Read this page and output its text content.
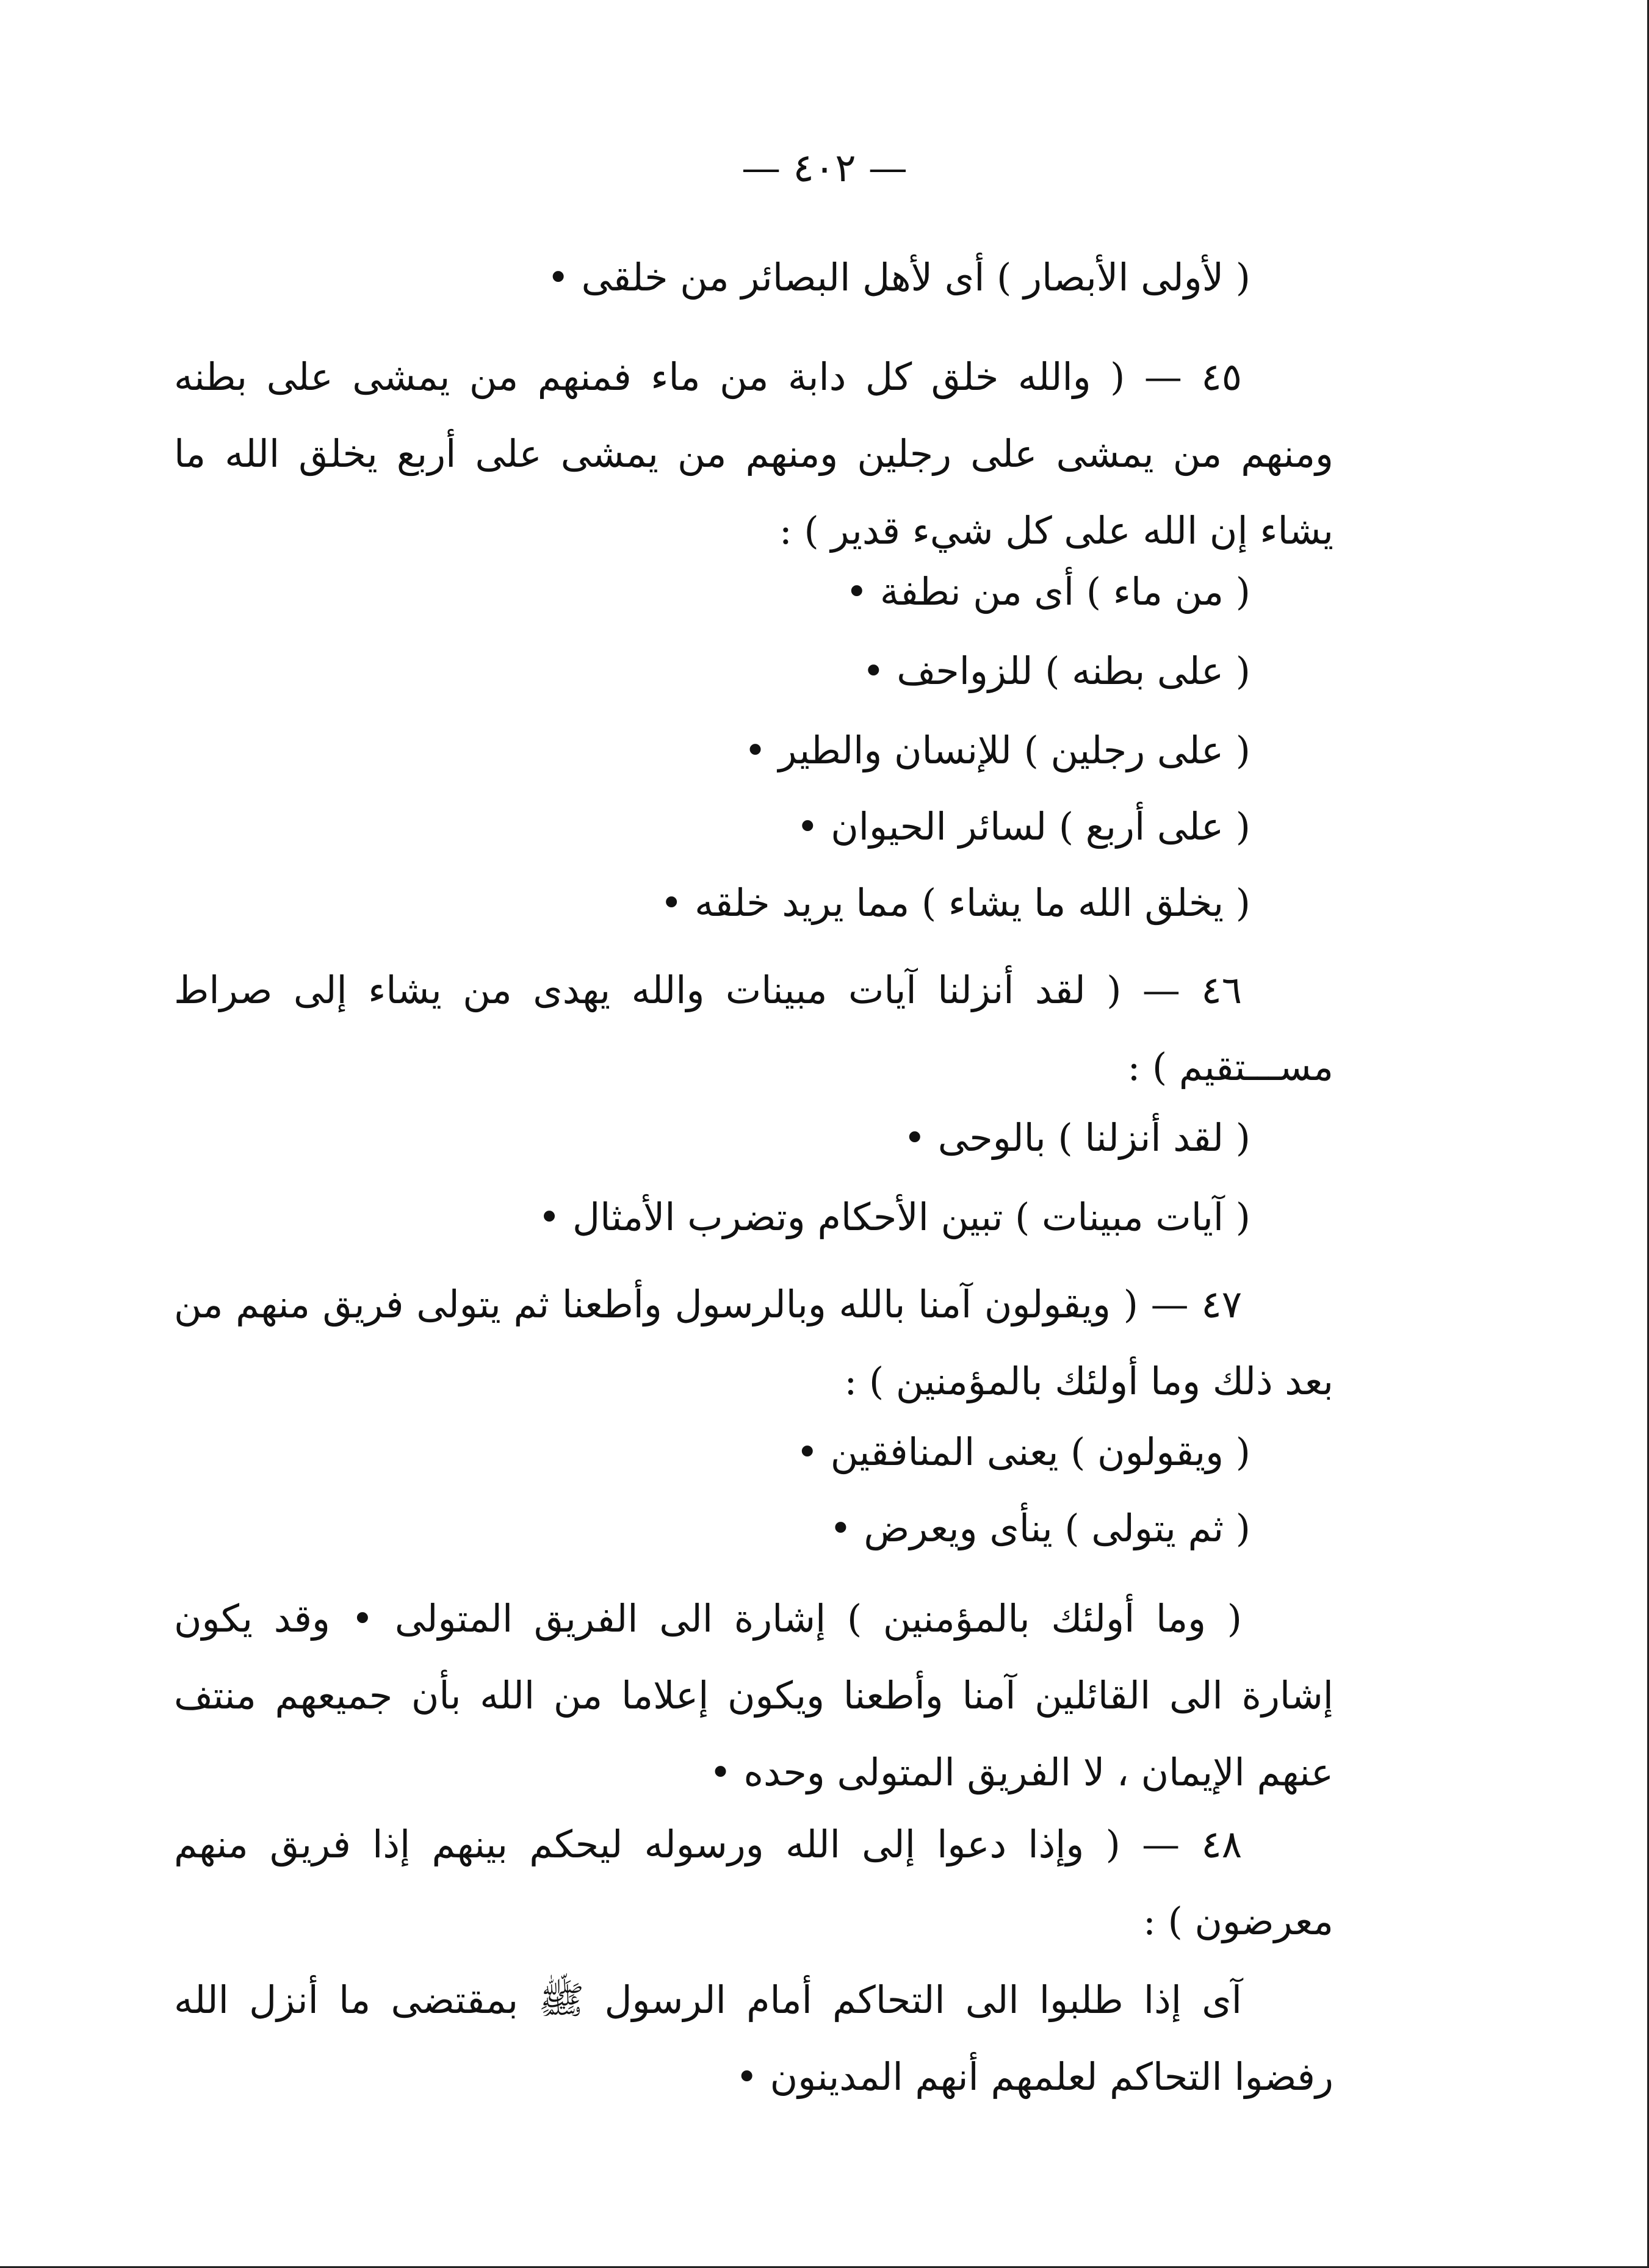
— ٤٠٢ —
( لأولى الأبصار ) أى لأهل البصائر من خلقى •
٤٥ — ( والله خلق كل دابة من ماء فمنهم من يمشى على بطنه ومنهم من يمشى على رجلين ومنهم من يمشى على أربع يخلق الله ما يشاء إن الله على كل شيء قدير ) :
( من ماء ) أى من نطفة •
( على بطنه ) للزواحف •
( على رجلين ) للإنسان والطير •
( على أربع ) لسائر الحيوان •
( يخلق الله ما يشاء ) مما يريد خلقه •
٤٦ — ( لقد أنزلنا آيات مبينات والله يهدى من يشاء إلى صراط مســـتقيم ) :
( لقد أنزلنا ) بالوحى •
( آيات مبينات ) تبين الأحكام وتضرب الأمثال •
٤٧ — ( ويقولون آمنا بالله وبالرسول وأطعنا ثم يتولى فريق منهم من بعد ذلك وما أولئك بالمؤمنين ) :
( ويقولون ) يعنى المنافقين •
( ثم يتولى ) ينأى ويعرض •
( وما أولئك بالمؤمنين ) إشارة الى الفريق المتولى • وقد يكون إشارة الى القائلين آمنا وأطعنا ويكون إعلاما من الله بأن جميعهم منتف عنهم الإيمان ، لا الفريق المتولى وحده •
٤٨ — ( وإذا دعوا إلى الله ورسوله ليحكم بينهم إذا فريق منهم معرضون ) :
آى إذا طلبوا الى التحاكم أمام الرسول ﷺ بمقتضى ما أنزل الله رفضوا التحاكم لعلمهم أنهم المدينون •
